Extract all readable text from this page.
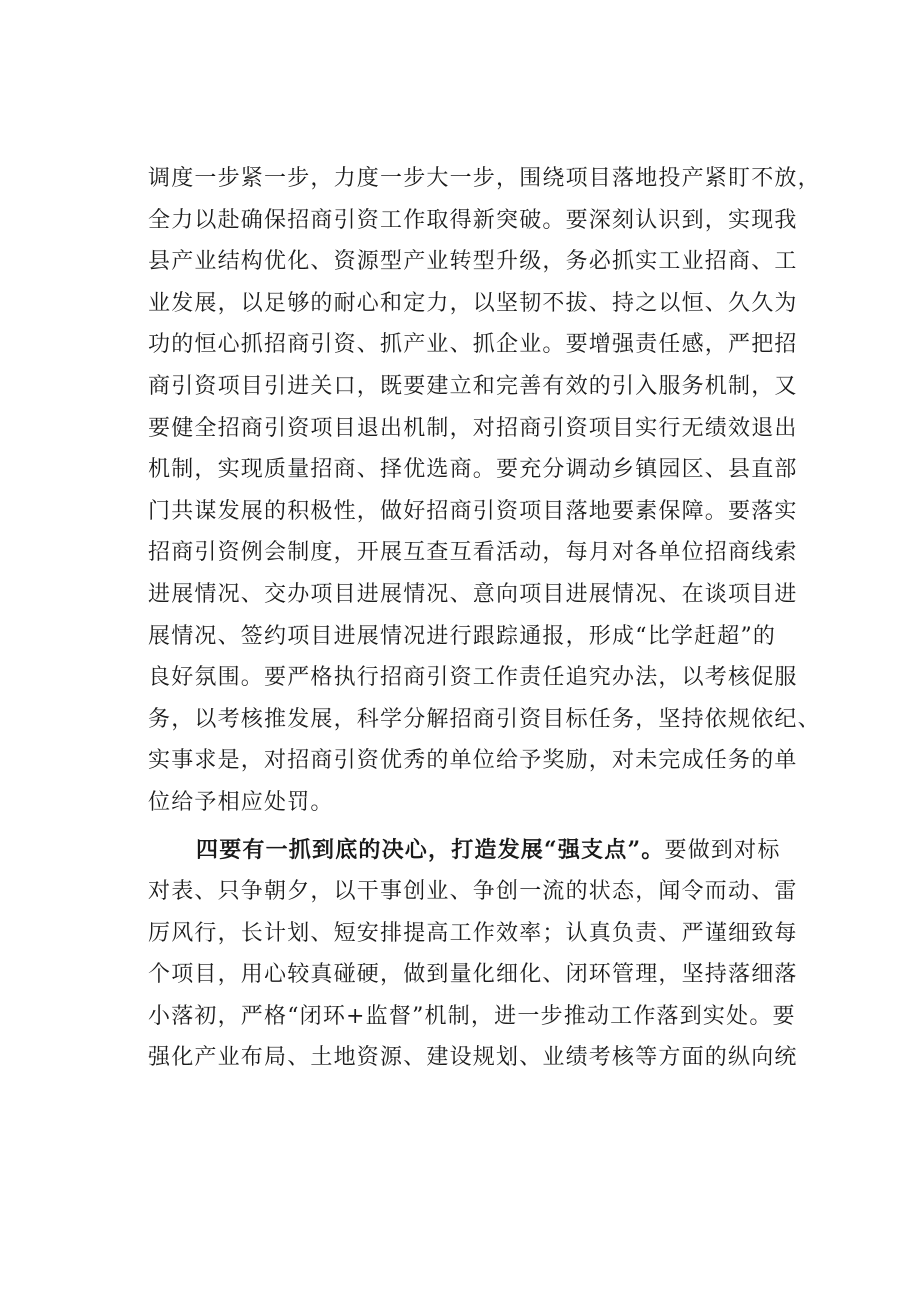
调度一步紧一步，力度一步大一步，围绕项目落地投产紧盯不放，
全力以赴确保招商引资工作取得新突破。要深刻认识到，实现我
县产业结构优化、资源型产业转型升级，务必抓实工业招商、工
业发展，以足够的耐心和定力，以坚韧不拔、持之以恒、久久为
功的恒心抓招商引资、抓产业、抓企业。要增强责任感，严把招
商引资项目引进关口，既要建立和完善有效的引入服务机制，又
要健全招商引资项目退出机制，对招商引资项目实行无绩效退出
机制，实现质量招商、择优选商。要充分调动乡镇园区、县直部
门共谋发展的积极性，做好招商引资项目落地要素保障。要落实
招商引资例会制度，开展互查互看活动，每月对各单位招商线索
进展情况、交办项目进展情况、意向项目进展情况、在谈项目进
展情况、签约项目进展情况进行跟踪通报，形成“比学赶超”的
良好氛围。要严格执行招商引资工作责任追究办法，以考核促服
务，以考核推发展，科学分解招商引资目标任务，坚持依规依纪、
实事求是，对招商引资优秀的单位给予奖励，对未完成任务的单
位给予相应处罚。
四要有一抓到底的决心，打造发展“强支点”。要做到对标
对表、只争朝夕，以干事创业、争创一流的状态，闻令而动、雷
厉风行，长计划、短安排提高工作效率；认真负责、严谨细致每
个项目，用心较真碰硬，做到量化细化、闭环管理，坚持落细落
小落初，严格“闭环+监督”机制，进一步推动工作落到实处。要
强化产业布局、土地资源、建设规划、业绩考核等方面的纵向统
